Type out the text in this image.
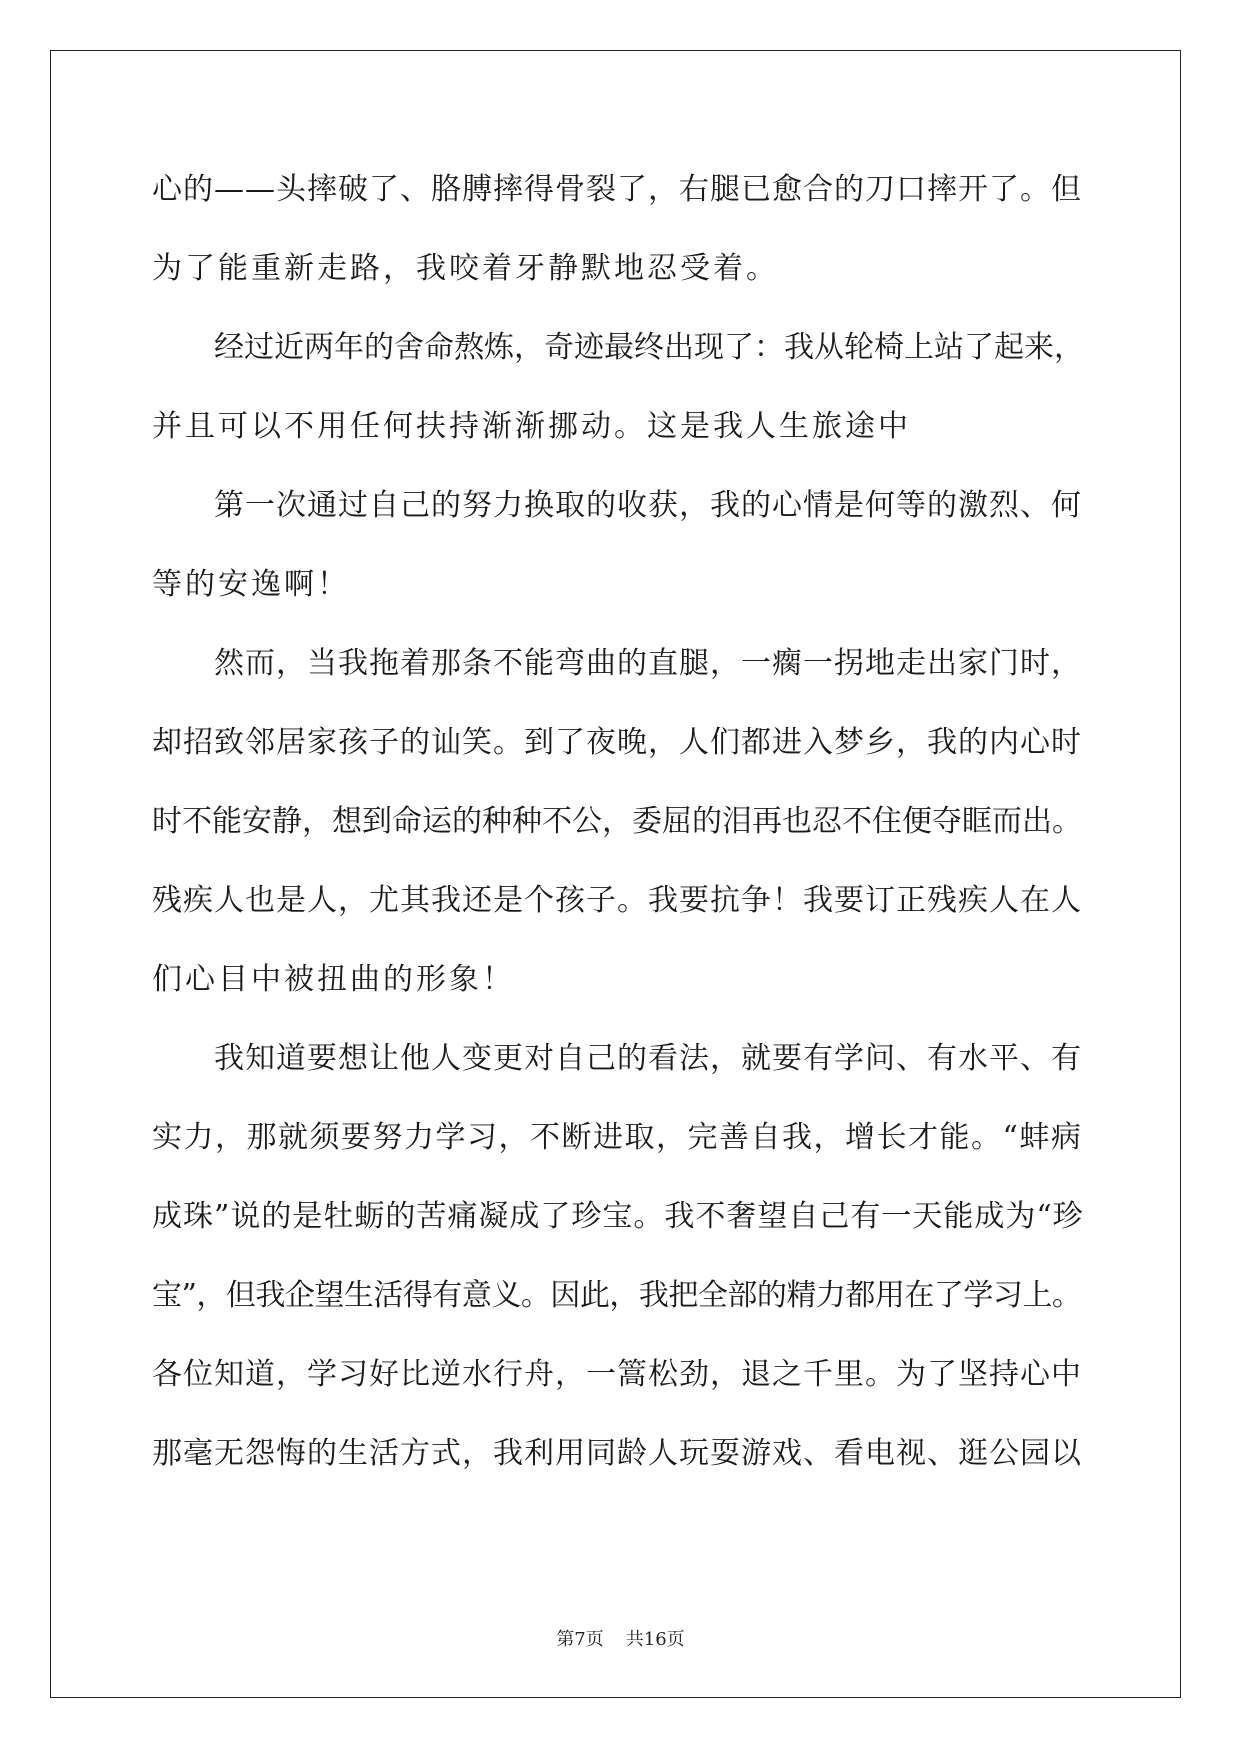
心的——头摔破了、胳膊摔得骨裂了，右腿已愈合的刀口摔开了。但
为了能重新走路，我咬着牙静默地忍受着。
经过近两年的舍命熬炼，奇迹最终出现了：我从轮椅上站了起来，
并且可以不用任何扶持渐渐挪动。这是我人生旅途中
第一次通过自己的努力换取的收获，我的心情是何等的激烈、何
等的安逸啊！
然而，当我拖着那条不能弯曲的直腿，一瘸一拐地走出家门时，
却招致邻居家孩子的讪笑。到了夜晚，人们都进入梦乡，我的内心时
时不能安静，想到命运的种种不公，委屈的泪再也忍不住便夺眶而出。
残疾人也是人，尤其我还是个孩子。我要抗争！我要订正残疾人在人
们心目中被扭曲的形象！
我知道要想让他人变更对自己的看法，就要有学问、有水平、有
实力，那就须要努力学习，不断进取，完善自我，增长才能。“蚌病
成珠”说的是牡蛎的苦痛凝成了珍宝。我不奢望自己有一天能成为“珍
宝”，但我企望生活得有意义。因此，我把全部的精力都用在了学习上。
各位知道，学习好比逆水行舟，一篙松劲，退之千里。为了坚持心中
那毫无怨悔的生活方式，我利用同龄人玩耍游戏、看电视、逛公园以
第7页 共16页
